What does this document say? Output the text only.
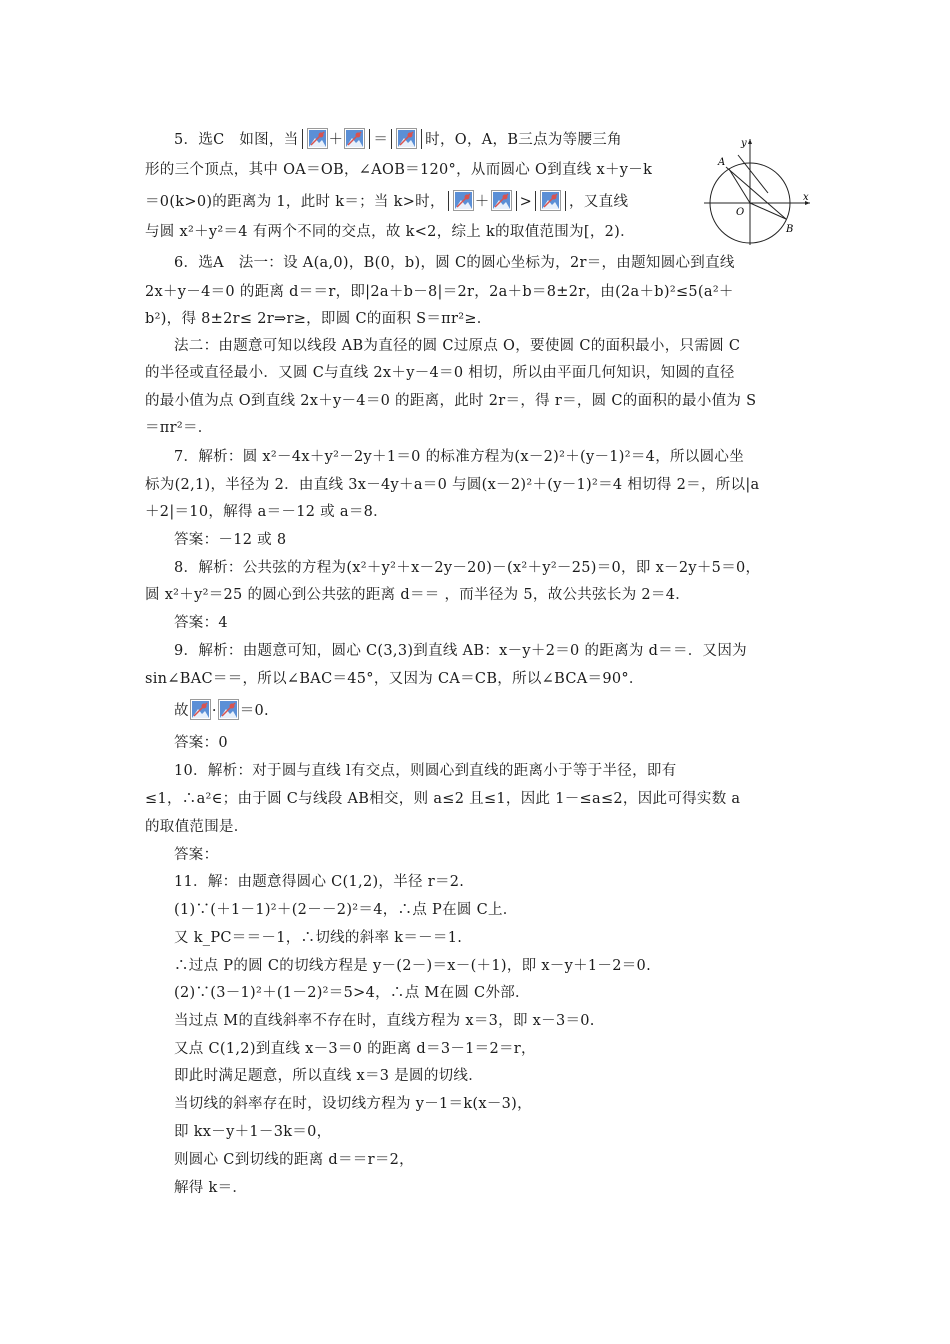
5．选C　如图，当 ＋ ＝	时，O，A，B三点为等腰三角
形的三个顶点，其中 OA＝OB，∠AOB＝120°，从而圆心 O到直线 x＋y－k
＝0(k>0)的距离为 1，此时 k＝；当 k>时， ＋ >	，又直线
与圆 x²＋y²＝4 有两个不同的交点，故 k<2，综上 k的取值范围为[，2)．
A
B
O
x
y
6．选A　法一：设 A(a,0)，B(0，b)，圆 C的圆心坐标为，2r＝，由题知圆心到直线
2x＋y－4＝0 的距离 d＝＝r，即|2a＋b－8|＝2r，2a＋b＝8±2r，由(2a＋b)²≤5(a²＋
b²)，得 8±2r≤ 2r⇒r≥，即圆 C的面积 S＝πr²≥．
法二：由题意可知以线段 AB为直径的圆 C过原点 O，要使圆 C的面积最小，只需圆 C
的半径或直径最小．又圆 C与直线 2x＋y－4＝0 相切，所以由平面几何知识，知圆的直径
的最小值为点 O到直线 2x＋y－4＝0 的距离，此时 2r＝，得 r＝，圆 C的面积的最小值为 S
＝πr²＝．
7．解析：圆 x²－4x＋y²－2y＋1＝0 的标准方程为(x－2)²＋(y－1)²＝4，所以圆心坐
标为(2,1)，半径为 2．由直线 3x－4y＋a＝0 与圆(x－2)²＋(y－1)²＝4 相切得 2＝，所以|a
＋2|＝10，解得 a＝－12 或 a＝8．
答案：－12 或 8
8．解析：公共弦的方程为(x²＋y²＋x－2y－20)－(x²＋y²－25)＝0，即 x－2y＋5＝0，
圆 x²＋y²＝25 的圆心到公共弦的距离 d＝＝ ，而半径为 5，故公共弦长为 2＝4．
答案：4
9．解析：由题意可知，圆心 C(3,3)到直线 AB：x－y＋2＝0 的距离为 d＝＝．又因为
sin∠BAC＝＝，所以∠BAC＝45°，又因为 CA＝CB，所以∠BCA＝90°．
故 · ＝0.
答案：0
10．解析：对于圆与直线 l有交点，则圆心到直线的距离小于等于半径，即有
≤1，∴a²∈；由于圆 C与线段 AB相交，则 a≤2 且≤1，因此 1－≤a≤2，因此可得实数 a
的取值范围是．
答案：
11．解：由题意得圆心 C(1,2)，半径 r＝2.
(1)∵(＋1－1)²＋(2－－2)²＝4，∴点 P在圆 C上．
又 k_PC＝＝－1，∴切线的斜率 k＝－＝1.
∴过点 P的圆 C的切线方程是 y－(2－)＝x－(＋1)，即 x－y＋1－2＝0.
(2)∵(3－1)²＋(1－2)²＝5>4，∴点 M在圆 C外部．
当过点 M的直线斜率不存在时，直线方程为 x＝3，即 x－3＝0.
又点 C(1,2)到直线 x－3＝0 的距离 d＝3－1＝2＝r，
即此时满足题意，所以直线 x＝3 是圆的切线．
当切线的斜率存在时，设切线方程为 y－1＝k(x－3)，
即 kx－y＋1－3k＝0，
则圆心 C到切线的距离 d＝＝r＝2，
解得 k＝．
